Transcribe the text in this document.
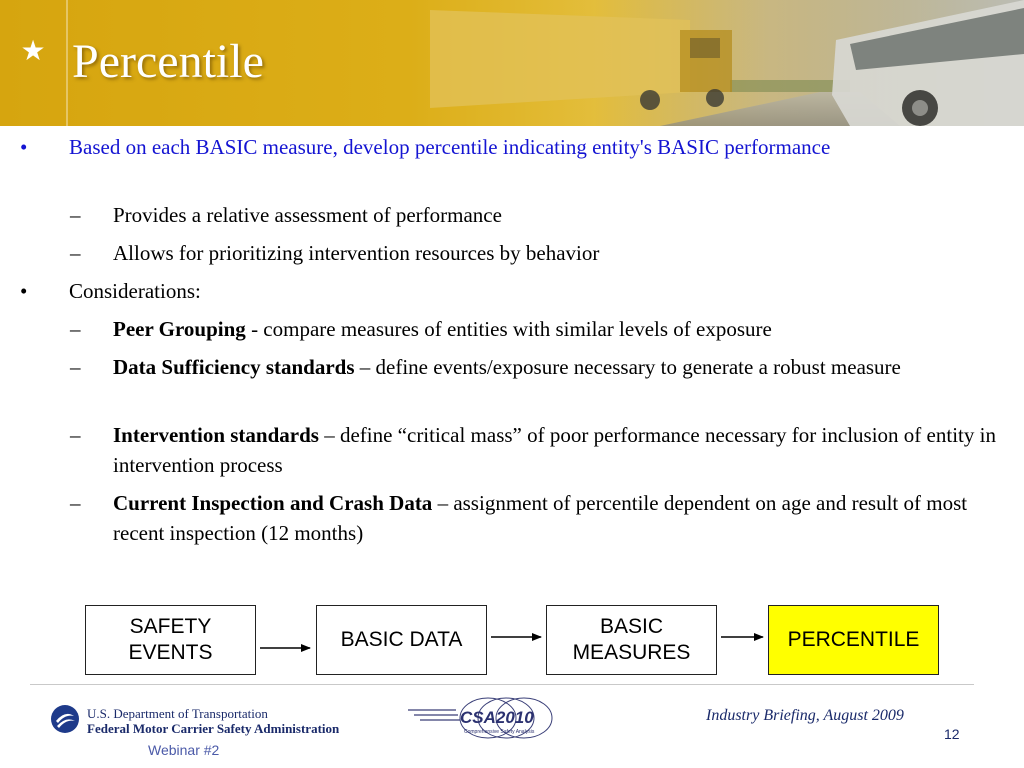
★ Percentile
• Based on each BASIC measure, develop percentile indicating entity's BASIC performance
– Provides a relative assessment of performance
– Allows for prioritizing intervention resources by behavior
• Considerations:
– Peer Grouping - compare measures of entities with similar levels of exposure
– Data Sufficiency standards – define events/exposure necessary to generate a robust measure
– Intervention standards – define “critical mass” of poor performance necessary for inclusion of entity in intervention process
– Current Inspection and Crash Data – assignment of percentile dependent on age and result of most recent inspection (12 months)
SAFETY
EVENTS
BASIC DATA
BASIC
MEASURES
PERCENTILE
U.S. Department of Transportation
Federal Motor Carrier Safety Administration
Webinar #2
CSA2010
Comprehensive Safety Analysis
Industry Briefing, August 2009
12
